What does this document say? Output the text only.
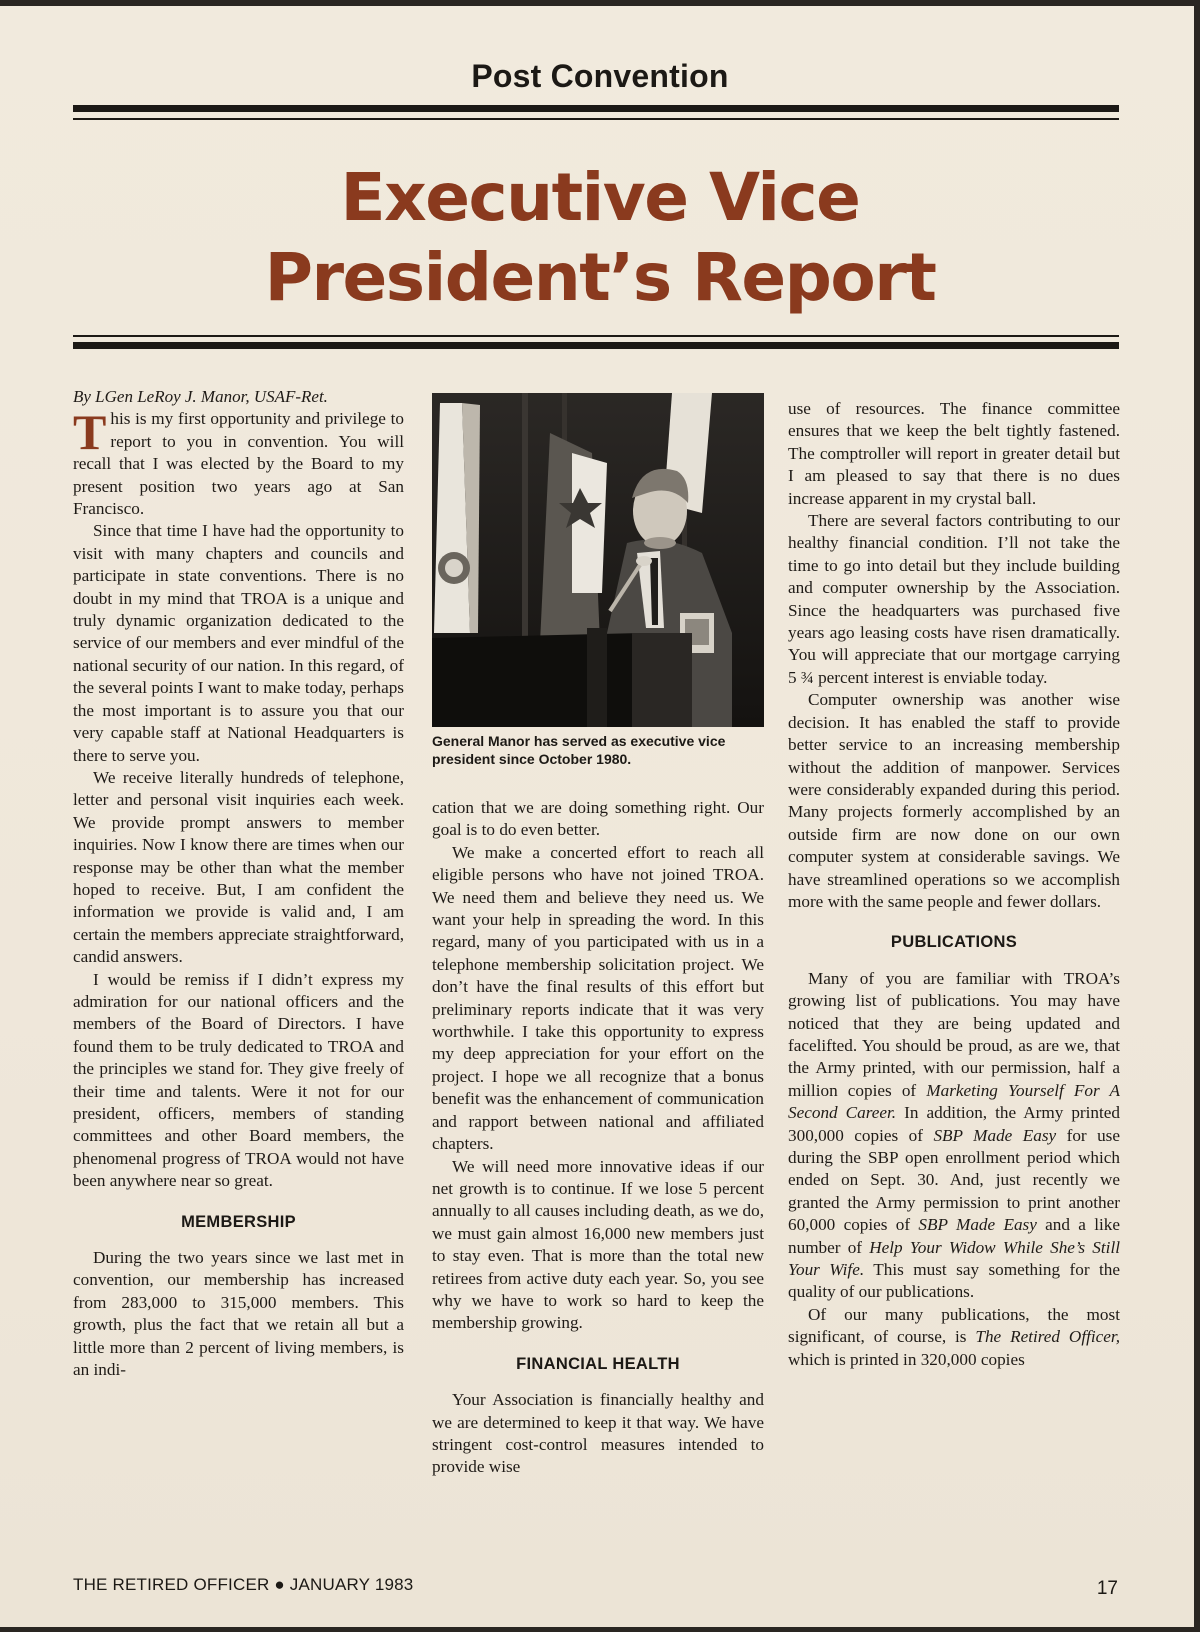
Post Convention
Executive Vice
President’s Report

By LGen LeRoy J. Manor, USAF-Ret.

This is my first opportunity and privilege to report to you in convention. You will recall that I was elected by the Board to my present position two years ago at San Francisco.

Since that time I have had the opportunity to visit with many chapters and councils and participate in state conventions. There is no doubt in my mind that TROA is a unique and truly dynamic organization dedicated to the service of our members and ever mindful of the national security of our nation. In this regard, of the several points I want to make today, perhaps the most important is to assure you that our very capable staff at National Headquarters is there to serve you.

We receive literally hundreds of telephone, letter and personal visit inquiries each week. We provide prompt answers to member inquiries. Now I know there are times when our response may be other than what the member hoped to receive. But, I am confident the information we provide is valid and, I am certain the members appreciate straightforward, candid answers.

I would be remiss if I didn’t express my admiration for our national officers and the members of the Board of Directors. I have found them to be truly dedicated to TROA and the principles we stand for. They give freely of their time and talents. Were it not for our president, officers, members of standing committees and other Board members, the phenomenal progress of TROA would not have been anywhere near so great.

MEMBERSHIP

During the two years since we last met in convention, our membership has increased from 283,000 to 315,000 members. This growth, plus the fact that we retain all but a little more than 2 percent of living members, is an indi-

General Manor has served as executive vice president since October 1980.

cation that we are doing something right. Our goal is to do even better.

We make a concerted effort to reach all eligible persons who have not joined TROA. We need them and believe they need us. We want your help in spreading the word. In this regard, many of you participated with us in a telephone membership solicitation project. We don’t have the final results of this effort but preliminary reports indicate that it was very worthwhile. I take this opportunity to express my deep appreciation for your effort on the project. I hope we all recognize that a bonus benefit was the enhancement of communication and rapport between national and affiliated chapters.

We will need more innovative ideas if our net growth is to continue. If we lose 5 percent annually to all causes including death, as we do, we must gain almost 16,000 new members just to stay even. That is more than the total new retirees from active duty each year. So, you see why we have to work so hard to keep the membership growing.

FINANCIAL HEALTH

Your Association is financially healthy and we are determined to keep it that way. We have stringent cost-control measures intended to provide wise

use of resources. The finance committee ensures that we keep the belt tightly fastened. The comptroller will report in greater detail but I am pleased to say that there is no dues increase apparent in my crystal ball.

There are several factors contributing to our healthy financial condition. I’ll not take the time to go into detail but they include building and computer ownership by the Association. Since the headquarters was purchased five years ago leasing costs have risen dramatically. You will appreciate that our mortgage carrying 5 ¾ percent interest is enviable today.

Computer ownership was another wise decision. It has enabled the staff to provide better service to an increasing membership without the addition of manpower. Services were considerably expanded during this period. Many projects formerly accomplished by an outside firm are now done on our own computer system at considerable savings. We have streamlined operations so we accomplish more with the same people and fewer dollars.

PUBLICATIONS

Many of you are familiar with TROA’s growing list of publications. You may have noticed that they are being updated and facelifted. You should be proud, as are we, that the Army printed, with our permission, half a million copies of Marketing Yourself For A Second Career. In addition, the Army printed 300,000 copies of SBP Made Easy for use during the SBP open enrollment period which ended on Sept. 30. And, just recently we granted the Army permission to print another 60,000 copies of SBP Made Easy and a like number of Help Your Widow While She’s Still Your Wife. This must say something for the quality of our publications.

Of our many publications, the most significant, of course, is The Retired Officer, which is printed in 320,000 copies

THE RETIRED OFFICER ● JANUARY 1983	17
